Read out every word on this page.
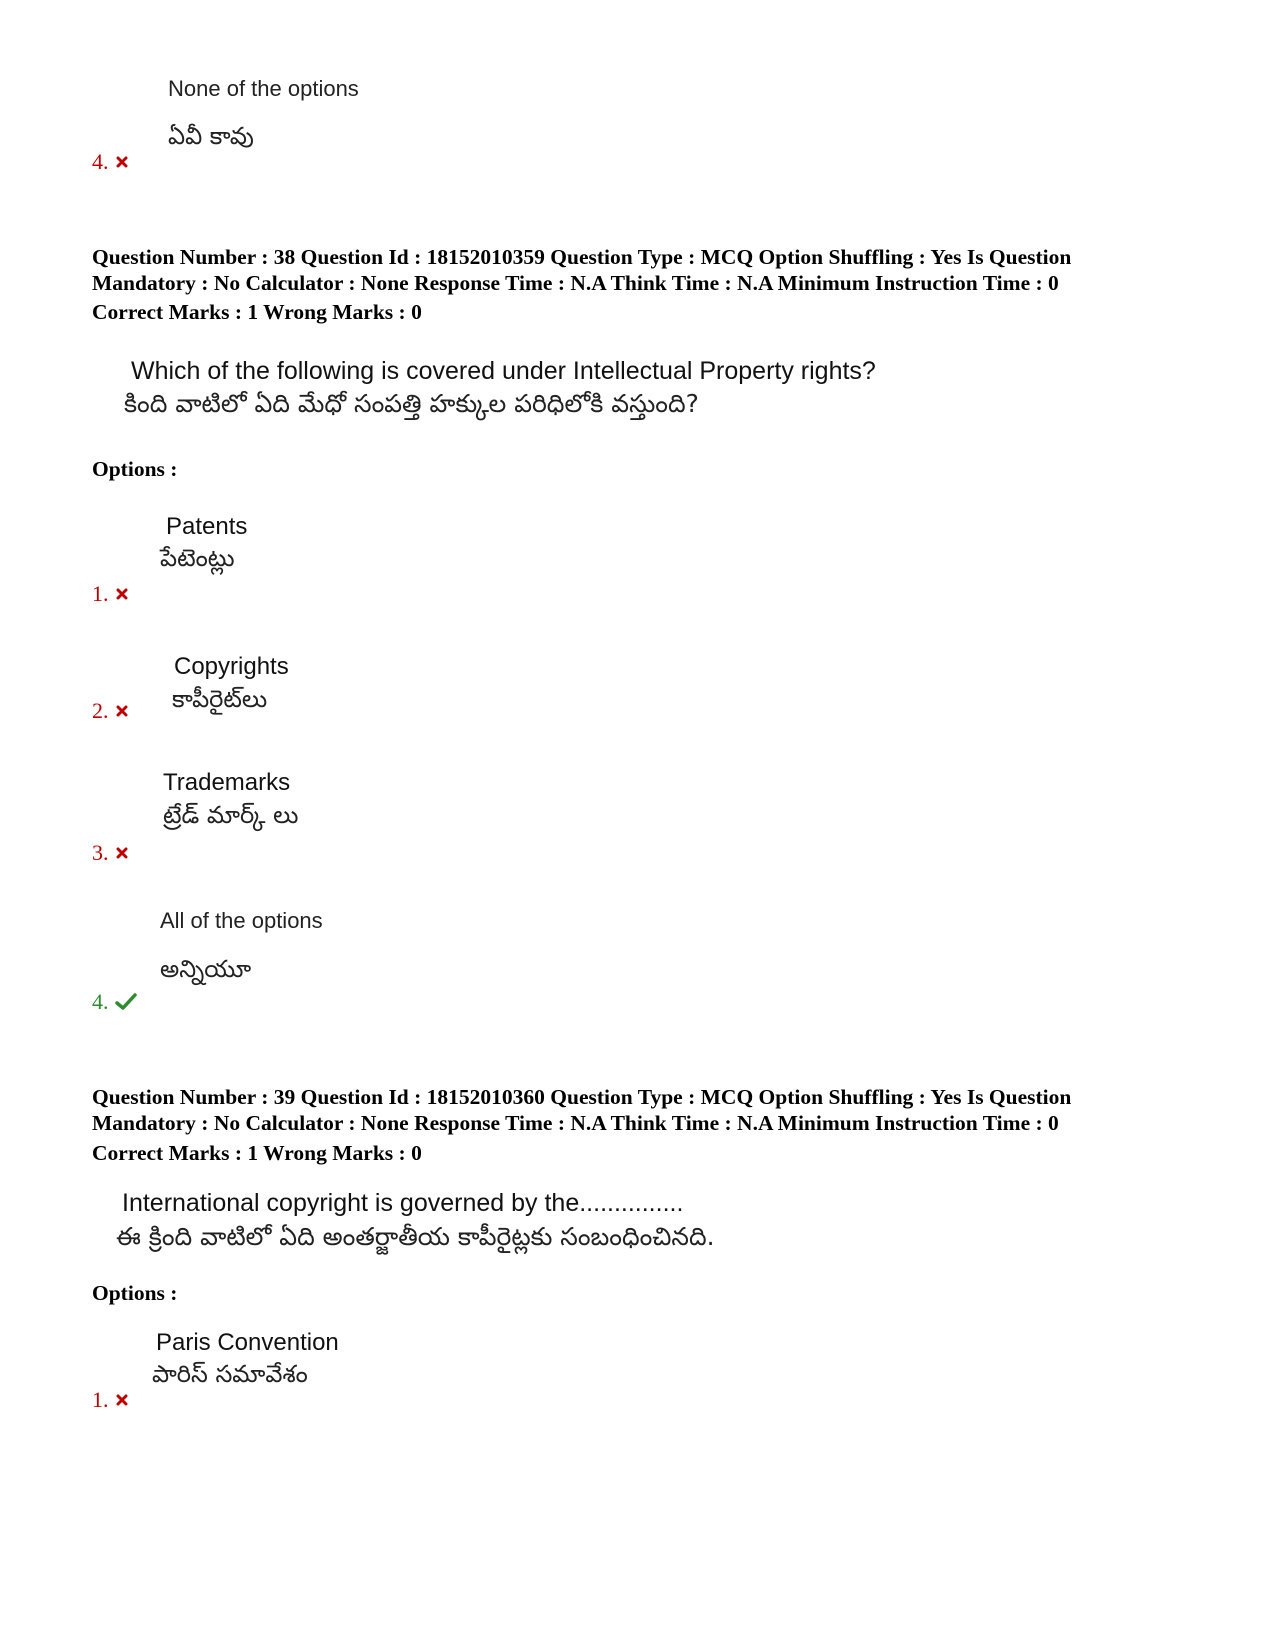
None of the options
ఏవీ కావు
4.

Question Number : 38 Question Id : 18152010359 Question Type : MCQ Option Shuffling : Yes Is Question

Mandatory : No Calculator : None Response Time : N.A Think Time : N.A Minimum Instruction Time : 0

Correct Marks : 1 Wrong Marks : 0

Which of the following is covered under Intellectual Property rights?
కింది వాటిలో ఏది మేధో సంపత్తి హక్కుల పరిధిలోకి వస్తుంది?
Options :
Patents
పేటెంట్లు
1.
Copyrights
కాపీరైట్‌లు
2.
Trademarks
ట్రేడ్ మార్క్ లు
3.
All of the options
అన్నియూ
4.

Question Number : 39 Question Id : 18152010360 Question Type : MCQ Option Shuffling : Yes Is Question

Mandatory : No Calculator : None Response Time : N.A Think Time : N.A Minimum Instruction Time : 0

Correct Marks : 1 Wrong Marks : 0

International copyright is governed by the...............
ఈ క్రింది వాటిలో ఏది అంతర్జాతీయ కాపీరైట్లకు సంబంధించినది.
Options :
Paris Convention
పారిస్ సమావేశం
1.
